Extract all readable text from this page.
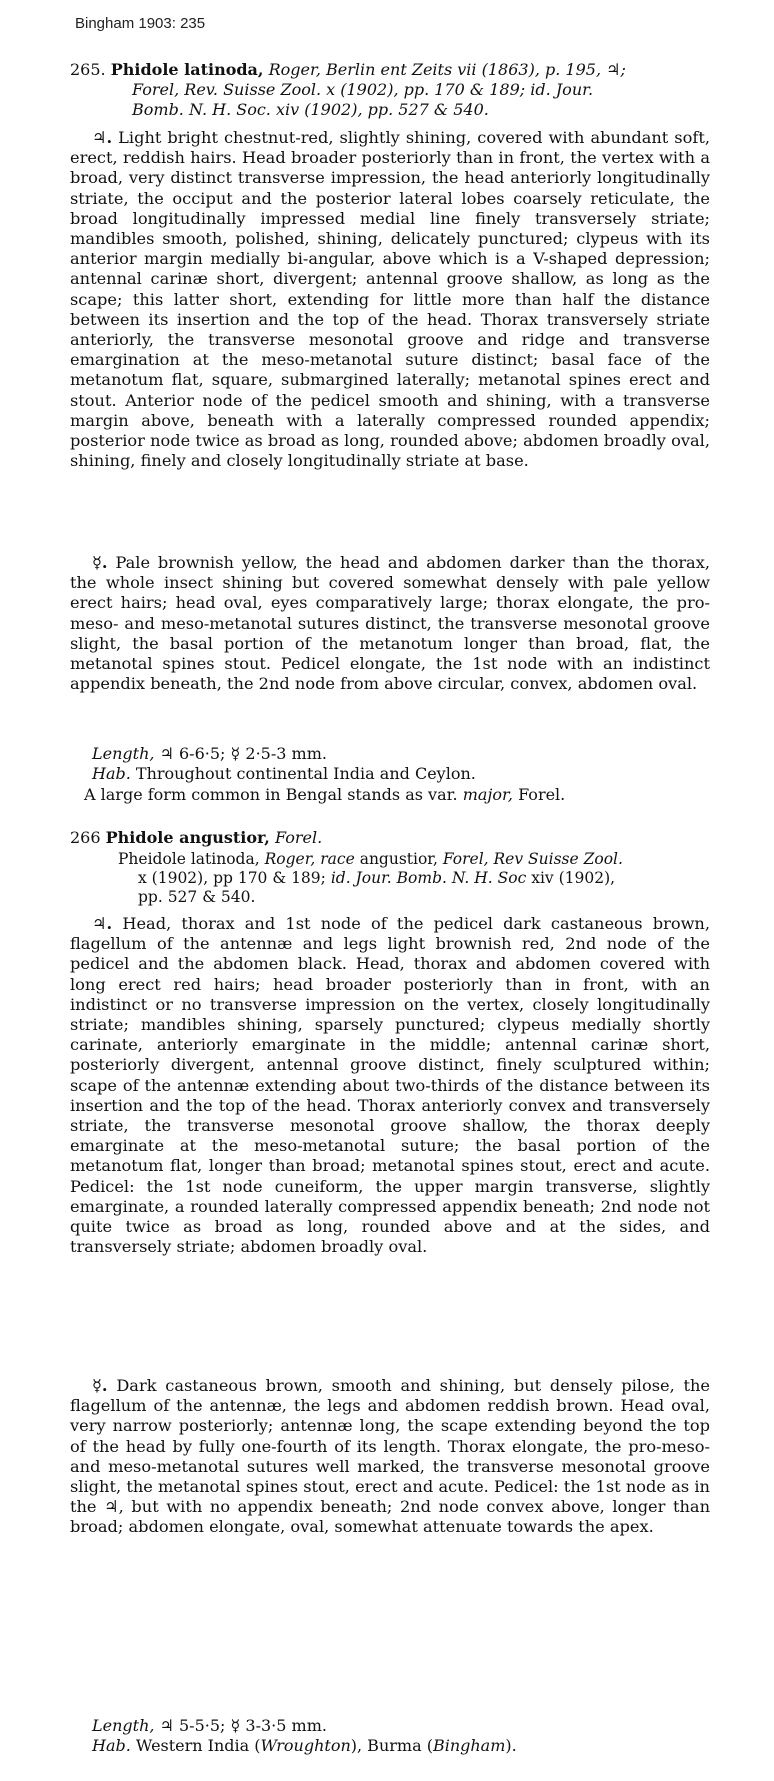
Bingham 1903: 235
265. Phidole latinoda, Roger, Berlin ent Zeits vii (1863), p. 195, ♃;
Forel, Rev. Suisse Zool. x (1902), pp. 170 & 189; id. Jour.
Bomb. N. H. Soc. xiv (1902), pp. 527 & 540.
♃. Light bright chestnut-red, slightly shining, covered with abundant soft, erect, reddish hairs. Head broader posteriorly than in front, the vertex with a broad, very distinct transverse impression, the head anteriorly longitudinally striate, the occiput and the posterior lateral lobes coarsely reticulate, the broad longitudinally impressed medial line finely transversely striate; mandibles smooth, polished, shining, delicately punctured; clypeus with its anterior margin medially bi-angular, above which is a V-shaped depression; antennal carinæ short, divergent; antennal groove shallow, as long as the scape; this latter short, extending for little more than half the distance between its insertion and the top of the head. Thorax transversely striate anteriorly, the transverse mesonotal groove and ridge and transverse emargination at the meso-metanotal suture distinct; basal face of the metanotum flat, square, submargined laterally; metanotal spines erect and stout. Anterior node of the pedicel smooth and shining, with a transverse margin above, beneath with a laterally compressed rounded appendix; posterior node twice as broad as long, rounded above; abdomen broadly oval, shining, finely and closely longitudinally striate at base.
☿. Pale brownish yellow, the head and abdomen darker than the thorax, the whole insect shining but covered somewhat densely with pale yellow erect hairs; head oval, eyes comparatively large; thorax elongate, the pro-meso- and meso-metanotal sutures distinct, the transverse mesonotal groove slight, the basal portion of the metanotum longer than broad, flat, the metanotal spines stout. Pedicel elongate, the 1st node with an indistinct appendix beneath, the 2nd node from above circular, convex, abdomen oval.
Length, ♃ 6-6·5; ☿ 2·5-3 mm.
Hab. Throughout continental India and Ceylon.
A large form common in Bengal stands as var. major, Forel.
266 Phidole angustior, Forel.
Pheidole latinoda, Roger, race angustior, Forel, Rev Suisse Zool.
x (1902), pp 170 & 189; id. Jour. Bomb. N. H. Soc xiv (1902),
pp. 527 & 540.
♃. Head, thorax and 1st node of the pedicel dark castaneous brown, flagellum of the antennæ and legs light brownish red, 2nd node of the pedicel and the abdomen black. Head, thorax and abdomen covered with long erect red hairs; head broader posteriorly than in front, with an indistinct or no transverse impression on the vertex, closely longitudinally striate; mandibles shining, sparsely punctured; clypeus medially shortly carinate, anteriorly emarginate in the middle; antennal carinæ short, posteriorly divergent, antennal groove distinct, finely sculptured within; scape of the antennæ extending about two-thirds of the distance between its insertion and the top of the head. Thorax anteriorly convex and transversely striate, the transverse mesonotal groove shallow, the thorax deeply emarginate at the meso-metanotal suture; the basal portion of the metanotum flat, longer than broad; metanotal spines stout, erect and acute. Pedicel: the 1st node cuneiform, the upper margin transverse, slightly emarginate, a rounded laterally compressed appendix beneath; 2nd node not quite twice as broad as long, rounded above and at the sides, and transversely striate; abdomen broadly oval.
☿. Dark castaneous brown, smooth and shining, but densely pilose, the flagellum of the antennæ, the legs and abdomen reddish brown. Head oval, very narrow posteriorly; antennæ long, the scape extending beyond the top of the head by fully one-fourth of its length. Thorax elongate, the pro-meso- and meso-metanotal sutures well marked, the transverse mesonotal groove slight, the metanotal spines stout, erect and acute. Pedicel: the 1st node as in the ♃, but with no appendix beneath; 2nd node convex above, longer than broad; abdomen elongate, oval, somewhat attenuate towards the apex.
Length, ♃ 5-5·5; ☿ 3-3·5 mm.
Hab. Western India (Wroughton), Burma (Bingham).
